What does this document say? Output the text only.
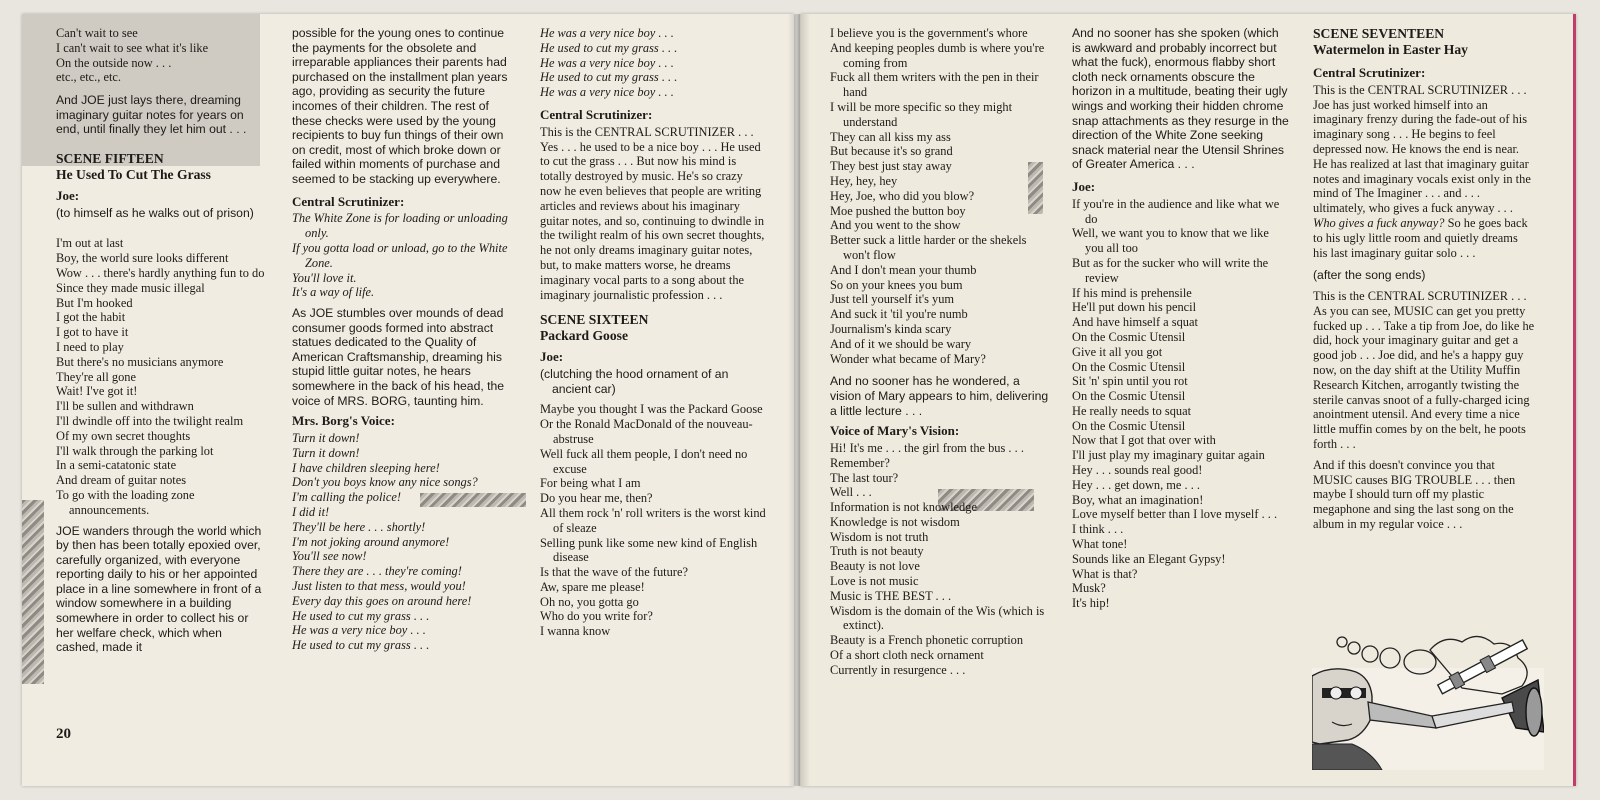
Can't wait to see
I can't wait to see what it's like
On the outside now . . .
etc., etc., etc.

And JOE just lays there, dreaming imaginary guitar notes for years on end, until finally they let him out . . .

SCENE FIFTEEN
He Used To Cut The Grass
Joe:

(to himself as he walks out of prison)

I'm out at last
Boy, the world sure looks different
Wow . . . there's hardly anything fun to do
Since they made music illegal
But I'm hooked
I got the habit
I got to have it
I need to play
But there's no musicians anymore
They're all gone
Wait! I've got it!
I'll be sullen and withdrawn
I'll dwindle off into the twilight realm
Of my own secret thoughts
I'll walk through the parking lot
In a semi-catatonic state
And dream of guitar notes
To go with the loading zone announcements.

JOE wanders through the world which by then has been totally epoxied over, carefully organized, with everyone reporting daily to his or her appointed place in a line somewhere in front of a window somewhere in a building somewhere in order to collect his or her welfare check, which when cashed, made it

possible for the young ones to continue the payments for the obsolete and irreparable appliances their parents had purchased on the installment plan years ago, providing as security the future incomes of their children. The rest of these checks were used by the young recipients to buy fun things of their own on credit, most of which broke down or failed within moments of purchase and seemed to be stacking up everywhere.

Central Scrutinizer:
The White Zone is for loading or unloading only.
If you gotta load or unload, go to the White Zone.
You'll love it.
It's a way of life.

As JOE stumbles over mounds of dead consumer goods formed into abstract statues dedicated to the Quality of American Craftsmanship, dreaming his stupid little guitar notes, he hears somewhere in the back of his head, the voice of MRS. BORG, taunting him.

Mrs. Borg's Voice:
Turn it down!
Turn it down!
I have children sleeping here!
Don't you boys know any nice songs?
I'm calling the police!
I did it!
They'll be here . . . shortly!
I'm not joking around anymore!
You'll see now!
There they are . . . they're coming!
Just listen to that mess, would you!
Every day this goes on around here!
He used to cut my grass . . .
He was a very nice boy . . .
He used to cut my grass . . .
He was a very nice boy . . .
He used to cut my grass . . .
He was a very nice boy . . .
He used to cut my grass . . .
He was a very nice boy . . .
Central Scrutinizer:

This is the CENTRAL SCRUTINIZER . . . Yes . . . he used to be a nice boy . . . He used to cut the grass . . . But now his mind is totally destroyed by music. He's so crazy now he even believes that people are writing articles and reviews about his imaginary guitar notes, and so, continuing to dwindle in the twilight realm of his own secret thoughts, he not only dreams imaginary guitar notes, but, to make matters worse, he dreams imaginary vocal parts to a song about the imaginary journalistic profession . . .

SCENE SIXTEEN
Packard Goose
Joe:

(clutching the hood ornament of an ancient car)

Maybe you thought I was the Packard Goose
Or the Ronald MacDonald of the nouveau-abstruse
Well fuck all them people, I don't need no excuse
For being what I am
Do you hear me, then?
All them rock 'n' roll writers is the worst kind of sleaze
Selling punk like some new kind of English disease
Is that the wave of the future?
Aw, spare me please!
Oh no, you gotta go
Who do you write for?
I wanna know
I believe you is the government's whore
And keeping peoples dumb is where you're coming from
Fuck all them writers with the pen in their hand
I will be more specific so they might understand
They can all kiss my ass
But because it's so grand
They best just stay away
Hey, hey, hey
Hey, Joe, who did you blow?
Moe pushed the button boy
And you went to the show
Better suck a little harder or the shekels won't flow
And I don't mean your thumb
So on your knees you bum
Just tell yourself it's yum
And suck it 'til you're numb
Journalism's kinda scary
And of it we should be wary
Wonder what became of Mary?

And no sooner has he wondered, a vision of Mary appears to him, delivering a little lecture . . .

Voice of Mary's Vision:
Hi! It's me . . . the girl from the bus . . .
Remember?
The last tour?
Well . . .
Information is not knowledge
Knowledge is not wisdom
Wisdom is not truth
Truth is not beauty
Beauty is not love
Love is not music
Music is THE BEST . . .
Wisdom is the domain of the Wis (which is extinct).
Beauty is a French phonetic corruption
Of a short cloth neck ornament
Currently in resurgence . . .

And no sooner has she spoken (which is awkward and probably incorrect but what the fuck), enormous flabby short cloth neck ornaments obscure the horizon in a multitude, beating their ugly wings and working their hidden chrome snap attachments as they resurge in the direction of the White Zone seeking snack material near the Utensil Shrines of Greater America . . .

Joe:
If you're in the audience and like what we do
Well, we want you to know that we like you all too
But as for the sucker who will write the review
If his mind is prehensile
He'll put down his pencil
And have himself a squat
On the Cosmic Utensil
Give it all you got
On the Cosmic Utensil
Sit 'n' spin until you rot
On the Cosmic Utensil
He really needs to squat
On the Cosmic Utensil
Now that I got that over with
I'll just play my imaginary guitar again
Hey . . . sounds real good!
Hey . . . get down, me . . .
Boy, what an imagination!
Love myself better than I love myself . . .
I think . . .
What tone!
Sounds like an Elegant Gypsy!
What is that?
Musk?
It's hip!
SCENE SEVENTEEN
Watermelon in Easter Hay
Central Scrutinizer:

This is the CENTRAL SCRUTINIZER . . . Joe has just worked himself into an imaginary frenzy during the fade-out of his imaginary song . . . He begins to feel depressed now. He knows the end is near. He has realized at last that imaginary guitar notes and imaginary vocals exist only in the mind of The Imaginer . . . and . . . ultimately, who gives a fuck anyway . . . Who gives a fuck anyway? So he goes back to his ugly little room and quietly dreams his last imaginary guitar solo . . .

(after the song ends)

This is the CENTRAL SCRUTINIZER . . . As you can see, MUSIC can get you pretty fucked up . . . Take a tip from Joe, do like he did, hock your imaginary guitar and get a good job . . . Joe did, and he's a happy guy now, on the day shift at the Utility Muffin Research Kitchen, arrogantly twisting the sterile canvas snoot of a fully-charged icing anointment utensil. And every time a nice little muffin comes by on the belt, he poots forth . . .

And if this doesn't convince you that MUSIC causes BIG TROUBLE . . . then maybe I should turn off my plastic megaphone and sing the last song on the album in my regular voice . . .

20
